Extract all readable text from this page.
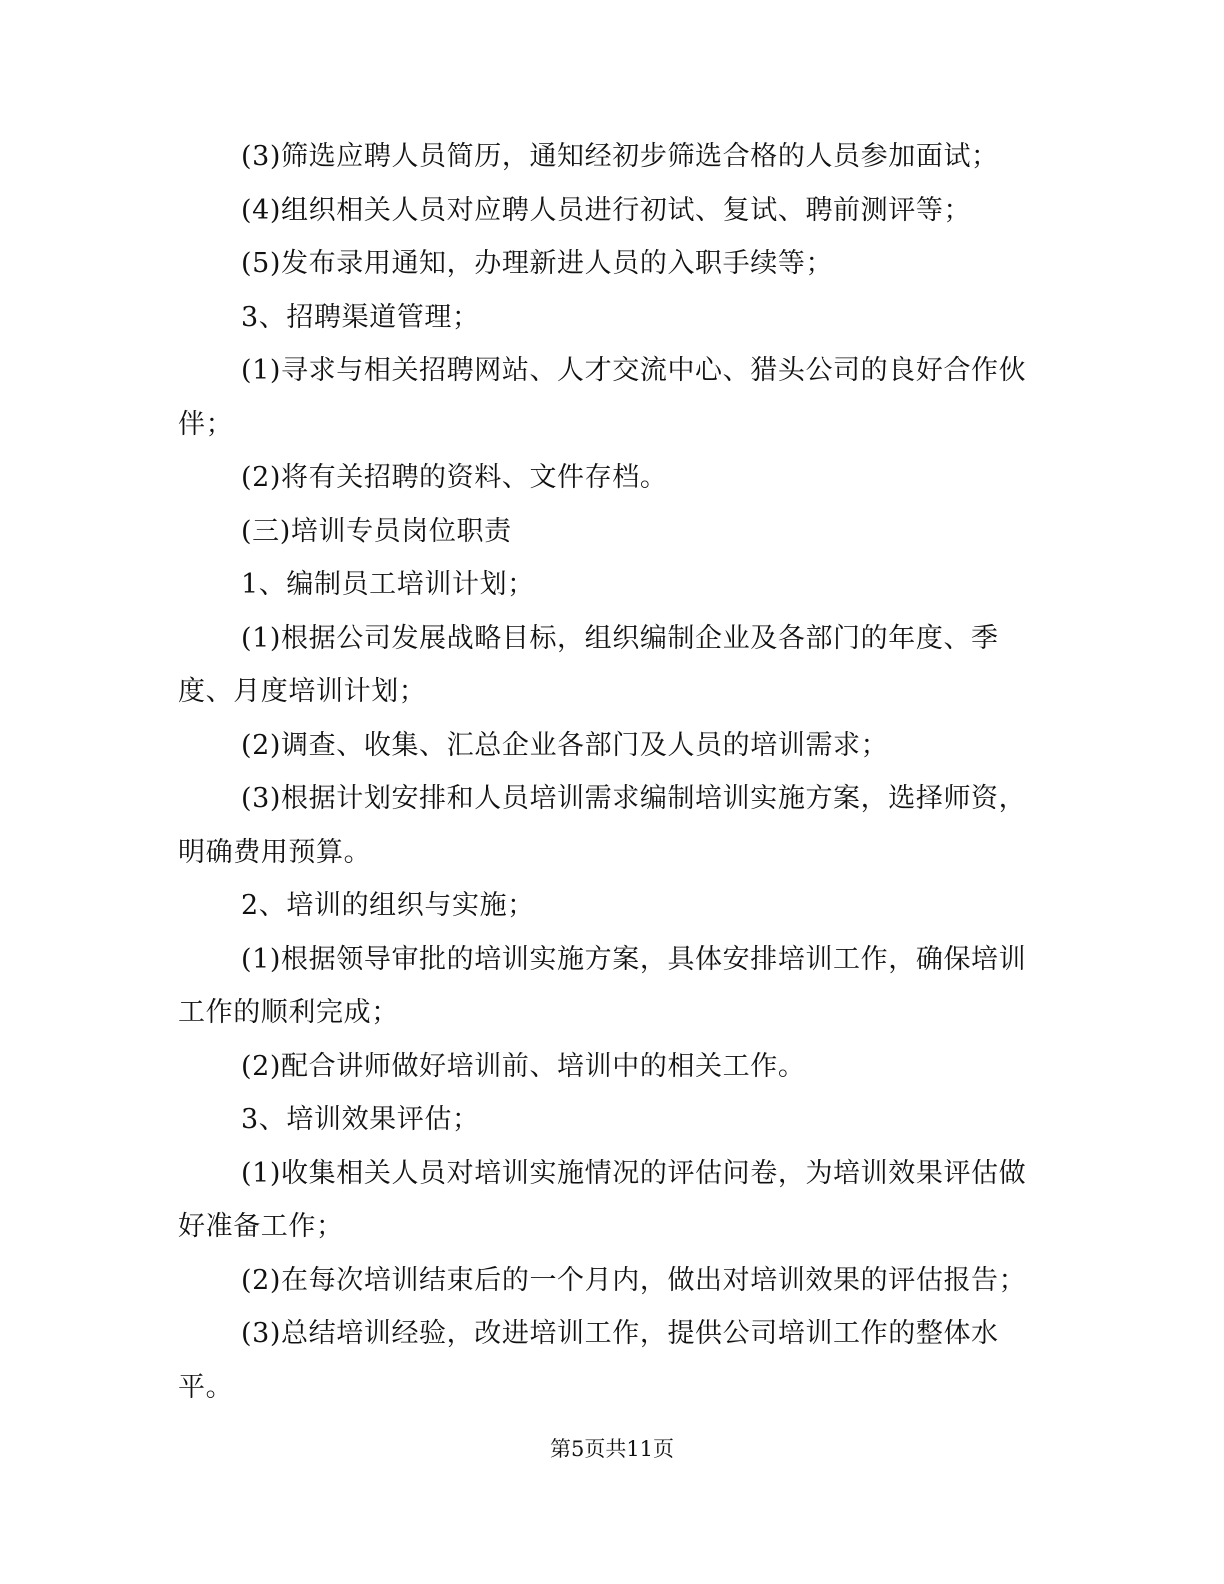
(3)筛选应聘人员简历，通知经初步筛选合格的人员参加面试；

(4)组织相关人员对应聘人员进行初试、复试、聘前测评等；

(5)发布录用通知，办理新进人员的入职手续等；

3、招聘渠道管理；

(1)寻求与相关招聘网站、人才交流中心、猎头公司的良好合作伙伴；

(2)将有关招聘的资料、文件存档。

(三)培训专员岗位职责

1、编制员工培训计划；

(1)根据公司发展战略目标，组织编制企业及各部门的年度、季度、月度培训计划；

(2)调查、收集、汇总企业各部门及人员的培训需求；

(3)根据计划安排和人员培训需求编制培训实施方案，选择师资，明确费用预算。

2、培训的组织与实施；

(1)根据领导审批的培训实施方案，具体安排培训工作，确保培训工作的顺利完成；

(2)配合讲师做好培训前、培训中的相关工作。

3、培训效果评估；

(1)收集相关人员对培训实施情况的评估问卷，为培训效果评估做好准备工作；

(2)在每次培训结束后的一个月内，做出对培训效果的评估报告；

(3)总结培训经验，改进培训工作，提供公司培训工作的整体水平。

第5页共11页
